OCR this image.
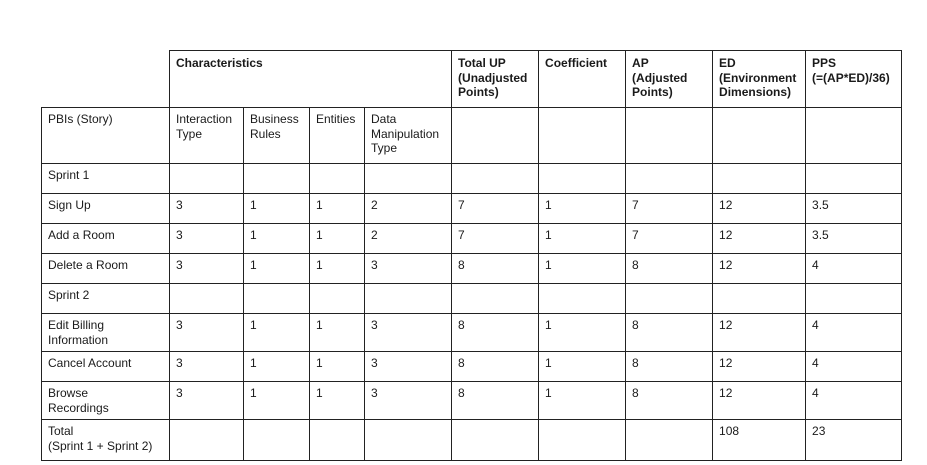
	Characteristics				Total UP
(Unadjusted
Points)	Coefficient	AP
(Adjusted
Points)	ED
(Environment
Dimensions)	PPS
(=(AP*ED)/36)
PBIs (Story)	Interaction
Type	Business
Rules	Entities	Data
Manipulation
Type					
Sprint 1									
Sign Up	3	1	1	2	7	1	7	12	3.5
Add a Room	3	1	1	2	7	1	7	12	3.5
Delete a Room	3	1	1	3	8	1	8	12	4
Sprint 2									
Edit Billing
Information	3	1	1	3	8	1	8	12	4
Cancel Account	3	1	1	3	8	1	8	12	4
Browse
Recordings	3	1	1	3	8	1	8	12	4
Total
(Sprint 1 + Sprint 2)								108	23
